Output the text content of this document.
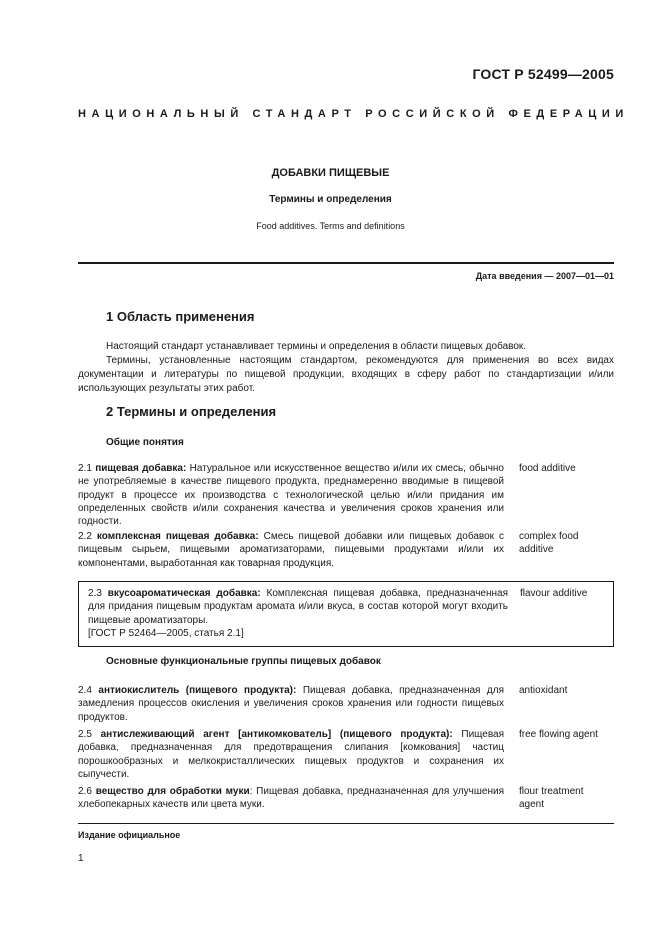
ГОСТ Р 52499—2005
НАЦИОНАЛЬНЫЙ СТАНДАРТ РОССИЙСКОЙ ФЕДЕРАЦИИ
ДОБАВКИ ПИЩЕВЫЕ
Термины и определения
Food additives. Terms and definitions
Дата введения — 2007—01—01
1 Область применения

Настоящий стандарт устанавливает термины и определения в области пищевых добавок.

Термины, установленные настоящим стандартом, рекомендуются для применения во всех видах документации и литературы по пищевой продукции, входящих в сферу работ по стандартизации и/или использующих результаты этих работ.

2 Термины и определения
Общие понятия
2.1 пищевая добавка: Натуральное или искусственное вещество и/или их смесь, обычно не употребляемые в качестве пищевого продукта, преднамеренно вводимые в пищевой продукт в процессе их производства с технологической целью и/или придания им определенных свойств и/или сохранения качества и увеличения сроков хранения или годности.
food additive
2.2 комплексная пищевая добавка: Смесь пищевой добавки или пищевых добавок с пищевым сырьем, пищевыми ароматизаторами, пищевыми продуктами и/или их компонентами, выработанная как товарная продукция.
complex food additive
2.3 вкусоароматическая добавка: Комплексная пищевая добавка, предназначенная для придания пищевым продуктам аромата и/или вкуса, в состав которой могут входить пищевые ароматизаторы.
[ГОСТ Р 52464—2005, статья 2.1]
flavour additive
Основные функциональные группы пищевых добавок
2.4 антиокислитель (пищевого продукта): Пищевая добавка, предназначенная для замедления процессов окисления и увеличения сроков хранения или годности пищевых продуктов.
antioxidant
2.5 антислеживающий агент [антикомкователь] (пищевого продукта): Пищевая добавка, предназначенная для предотвращения слипания [комкования] частиц порошкообразных и мелкокристаллических пищевых продуктов и сохранения их сыпучести.
free flowing agent
2.6 вещество для обработки муки: Пищевая добавка, предназначенная для улучшения хлебопекарных качеств или цвета муки.
flour treatment agent
Издание официальное
1
